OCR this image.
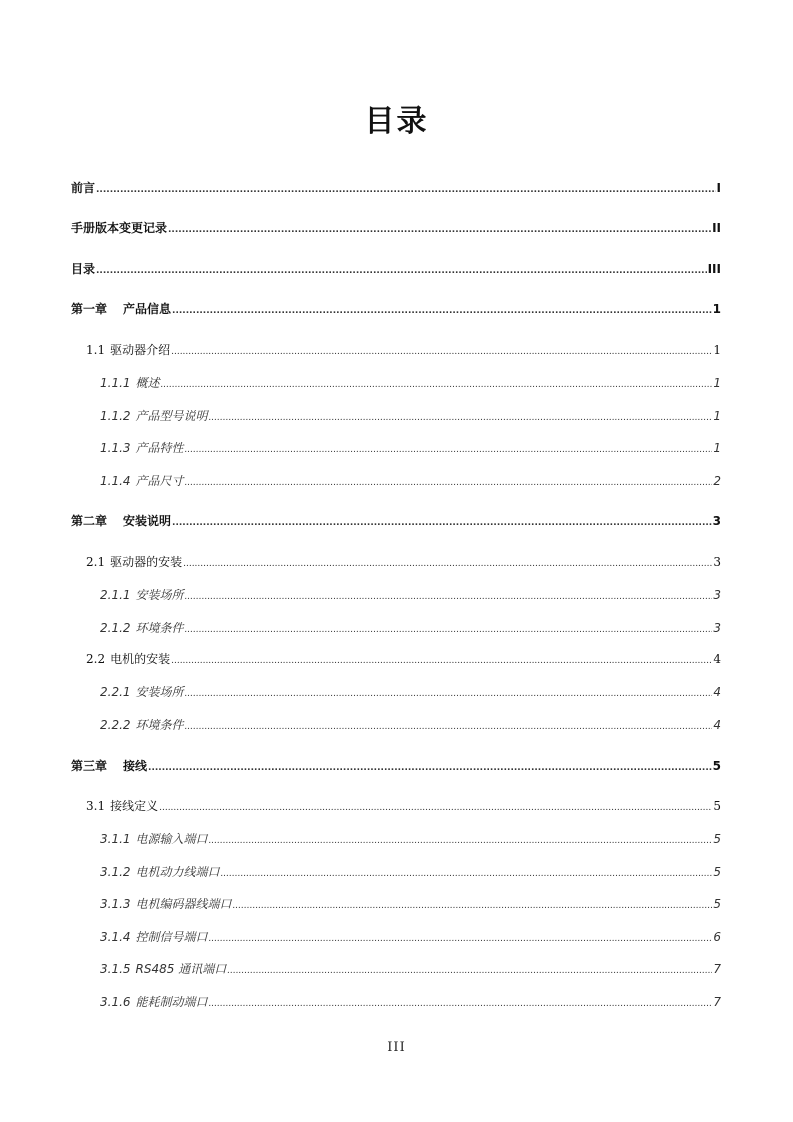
目录
前言 .....	I
手册版本变更记录 .....	II
目录 .....	III
第一章 产品信息 .....	1
1.1 驱动器介绍 .....	1
1.1.1 概述 .....	1
1.1.2 产品型号说明 .....	1
1.1.3 产品特性 .....	1
1.1.4 产品尺寸 .....	2
第二章 安装说明 .....	3
2.1 驱动器的安装 .....	3
2.1.1 安装场所 .....	3
2.1.2 环境条件 .....	3
2.2 电机的安装 .....	4
2.2.1 安装场所 .....	4
2.2.2 环境条件 .....	4
第三章 接线 .....	5
3.1 接线定义 .....	5
3.1.1 电源输入端口 .....	5
3.1.2 电机动力线端口 .....	5
3.1.3 电机编码器线端口 .....	5
3.1.4 控制信号端口 .....	6
3.1.5 RS485 通讯端口 .....	7
3.1.6 能耗制动端口 .....	7
III
